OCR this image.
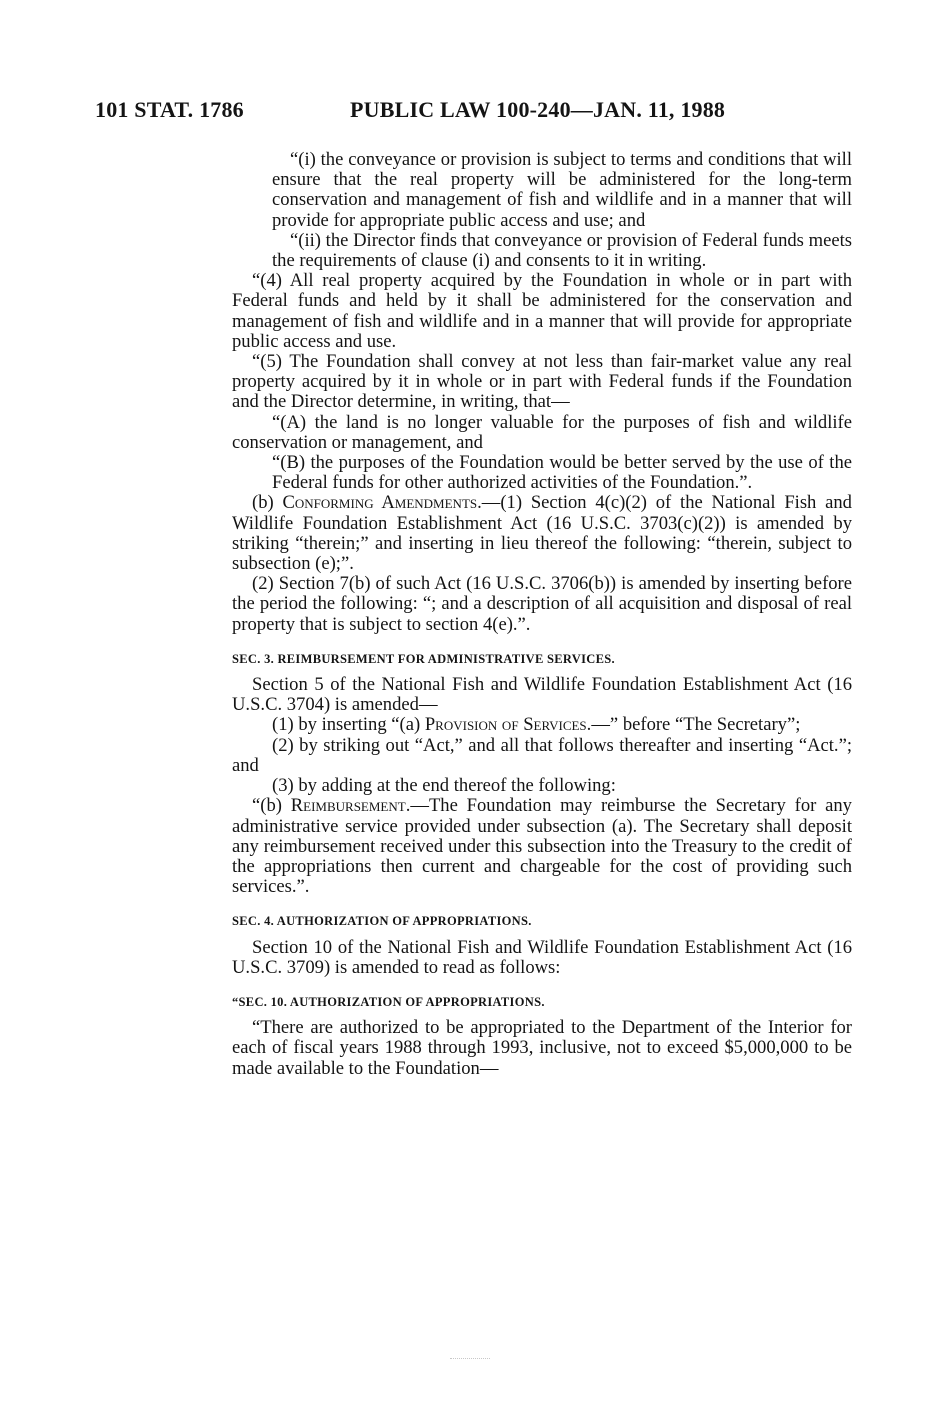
101 STAT. 1786	PUBLIC LAW 100-240—JAN. 11, 1988

“(i) the conveyance or provision is subject to terms and conditions that will ensure that the real property will be administered for the long-term conservation and management of fish and wildlife and in a manner that will provide for appropriate public access and use; and

“(ii) the Director finds that conveyance or provision of Federal funds meets the requirements of clause (i) and consents to it in writing.

“(4) All real property acquired by the Foundation in whole or in part with Federal funds and held by it shall be administered for the conservation and management of fish and wildlife and in a manner that will provide for appropriate public access and use.

“(5) The Foundation shall convey at not less than fair-market value any real property acquired by it in whole or in part with Federal funds if the Foundation and the Director determine, in writing, that—

“(A) the land is no longer valuable for the purposes of fish and wildlife conservation or management, and

“(B) the purposes of the Foundation would be better served by the use of the Federal funds for other authorized activities of the Foundation.”.

(b) Conforming Amendments.—(1) Section 4(c)(2) of the National Fish and Wildlife Foundation Establishment Act (16 U.S.C. 3703(c)(2)) is amended by striking “therein;” and inserting in lieu thereof the following: “therein, subject to subsection (e);”.

(2) Section 7(b) of such Act (16 U.S.C. 3706(b)) is amended by inserting before the period the following: “; and a description of all acquisition and disposal of real property that is subject to section 4(e).”.

SEC. 3. REIMBURSEMENT FOR ADMINISTRATIVE SERVICES.

Section 5 of the National Fish and Wildlife Foundation Establishment Act (16 U.S.C. 3704) is amended—

(1) by inserting “(a) Provision of Services.—” before “The Secretary”;

(2) by striking out “Act,” and all that follows thereafter and inserting “Act.”; and

(3) by adding at the end thereof the following:

“(b) Reimbursement.—The Foundation may reimburse the Secretary for any administrative service provided under subsection (a). The Secretary shall deposit any reimbursement received under this subsection into the Treasury to the credit of the appropriations then current and chargeable for the cost of providing such services.”.

SEC. 4. AUTHORIZATION OF APPROPRIATIONS.

Section 10 of the National Fish and Wildlife Foundation Establishment Act (16 U.S.C. 3709) is amended to read as follows:

“SEC. 10. AUTHORIZATION OF APPROPRIATIONS.

“There are authorized to be appropriated to the Department of the Interior for each of fiscal years 1988 through 1993, inclusive, not to exceed $5,000,000 to be made available to the Foundation—
